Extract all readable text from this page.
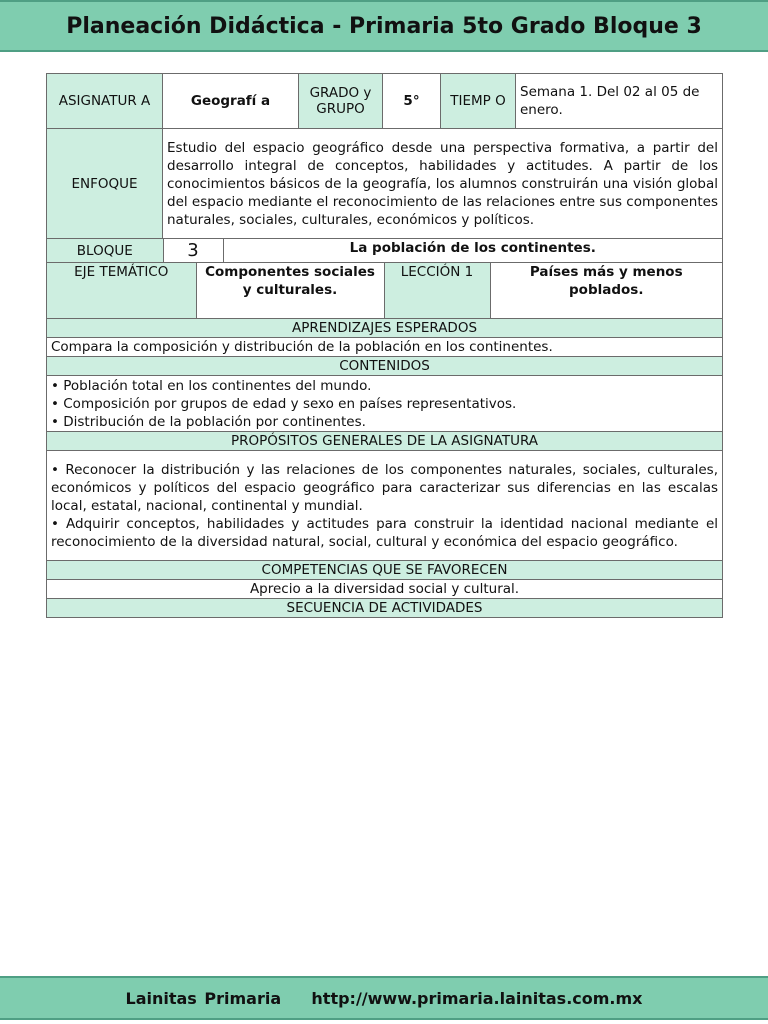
Planeación Didáctica - Primaria 5to Grado Bloque 3
ASIGNATUR A	Geografí a	GRADO y GRUPO	5°	TIEMP O	Semana 1. Del 02 al 05 de enero.
ENFOQUE	Estudio del espacio geográfico desde una perspectiva formativa, a partir del desarrollo integral de conceptos, habilidades y actitudes. A partir de los conocimientos básicos de la geografía, los alumnos construirán una visión global del espacio mediante el reconocimiento de las relaciones entre sus componentes naturales, sociales, culturales, económicos y políticos.

BLOQUE	3	La población de los continentes.

EJE TEMÁTICO	Componentes sociales y culturales.	LECCIÓN 1	Países más y menos poblados.

APRENDIZAJES ESPERADOS
Compara la composición y distribución de la población en los continentes.
CONTENIDOS

• Población total en los continentes del mundo.
• Composición por grupos de edad y sexo en países representativos.
• Distribución de la población por continentes.

PROPÓSITOS GENERALES DE LA ASIGNATURA

• Reconocer la distribución y las relaciones de los componentes naturales, sociales, culturales, económicos y políticos del espacio geográfico para caracterizar sus diferencias en las escalas local, estatal, nacional, continental y mundial.
• Adquirir conceptos, habilidades y actitudes para construir la identidad nacional mediante el reconocimiento de la diversidad natural, social, cultural y económica del espacio geográfico.

COMPETENCIAS QUE SE FAVORECEN
Aprecio a la diversidad social y cultural.
SECUENCIA DE ACTIVIDADES
Lainitas Primaria    http://www.primaria.lainitas.com.mx
